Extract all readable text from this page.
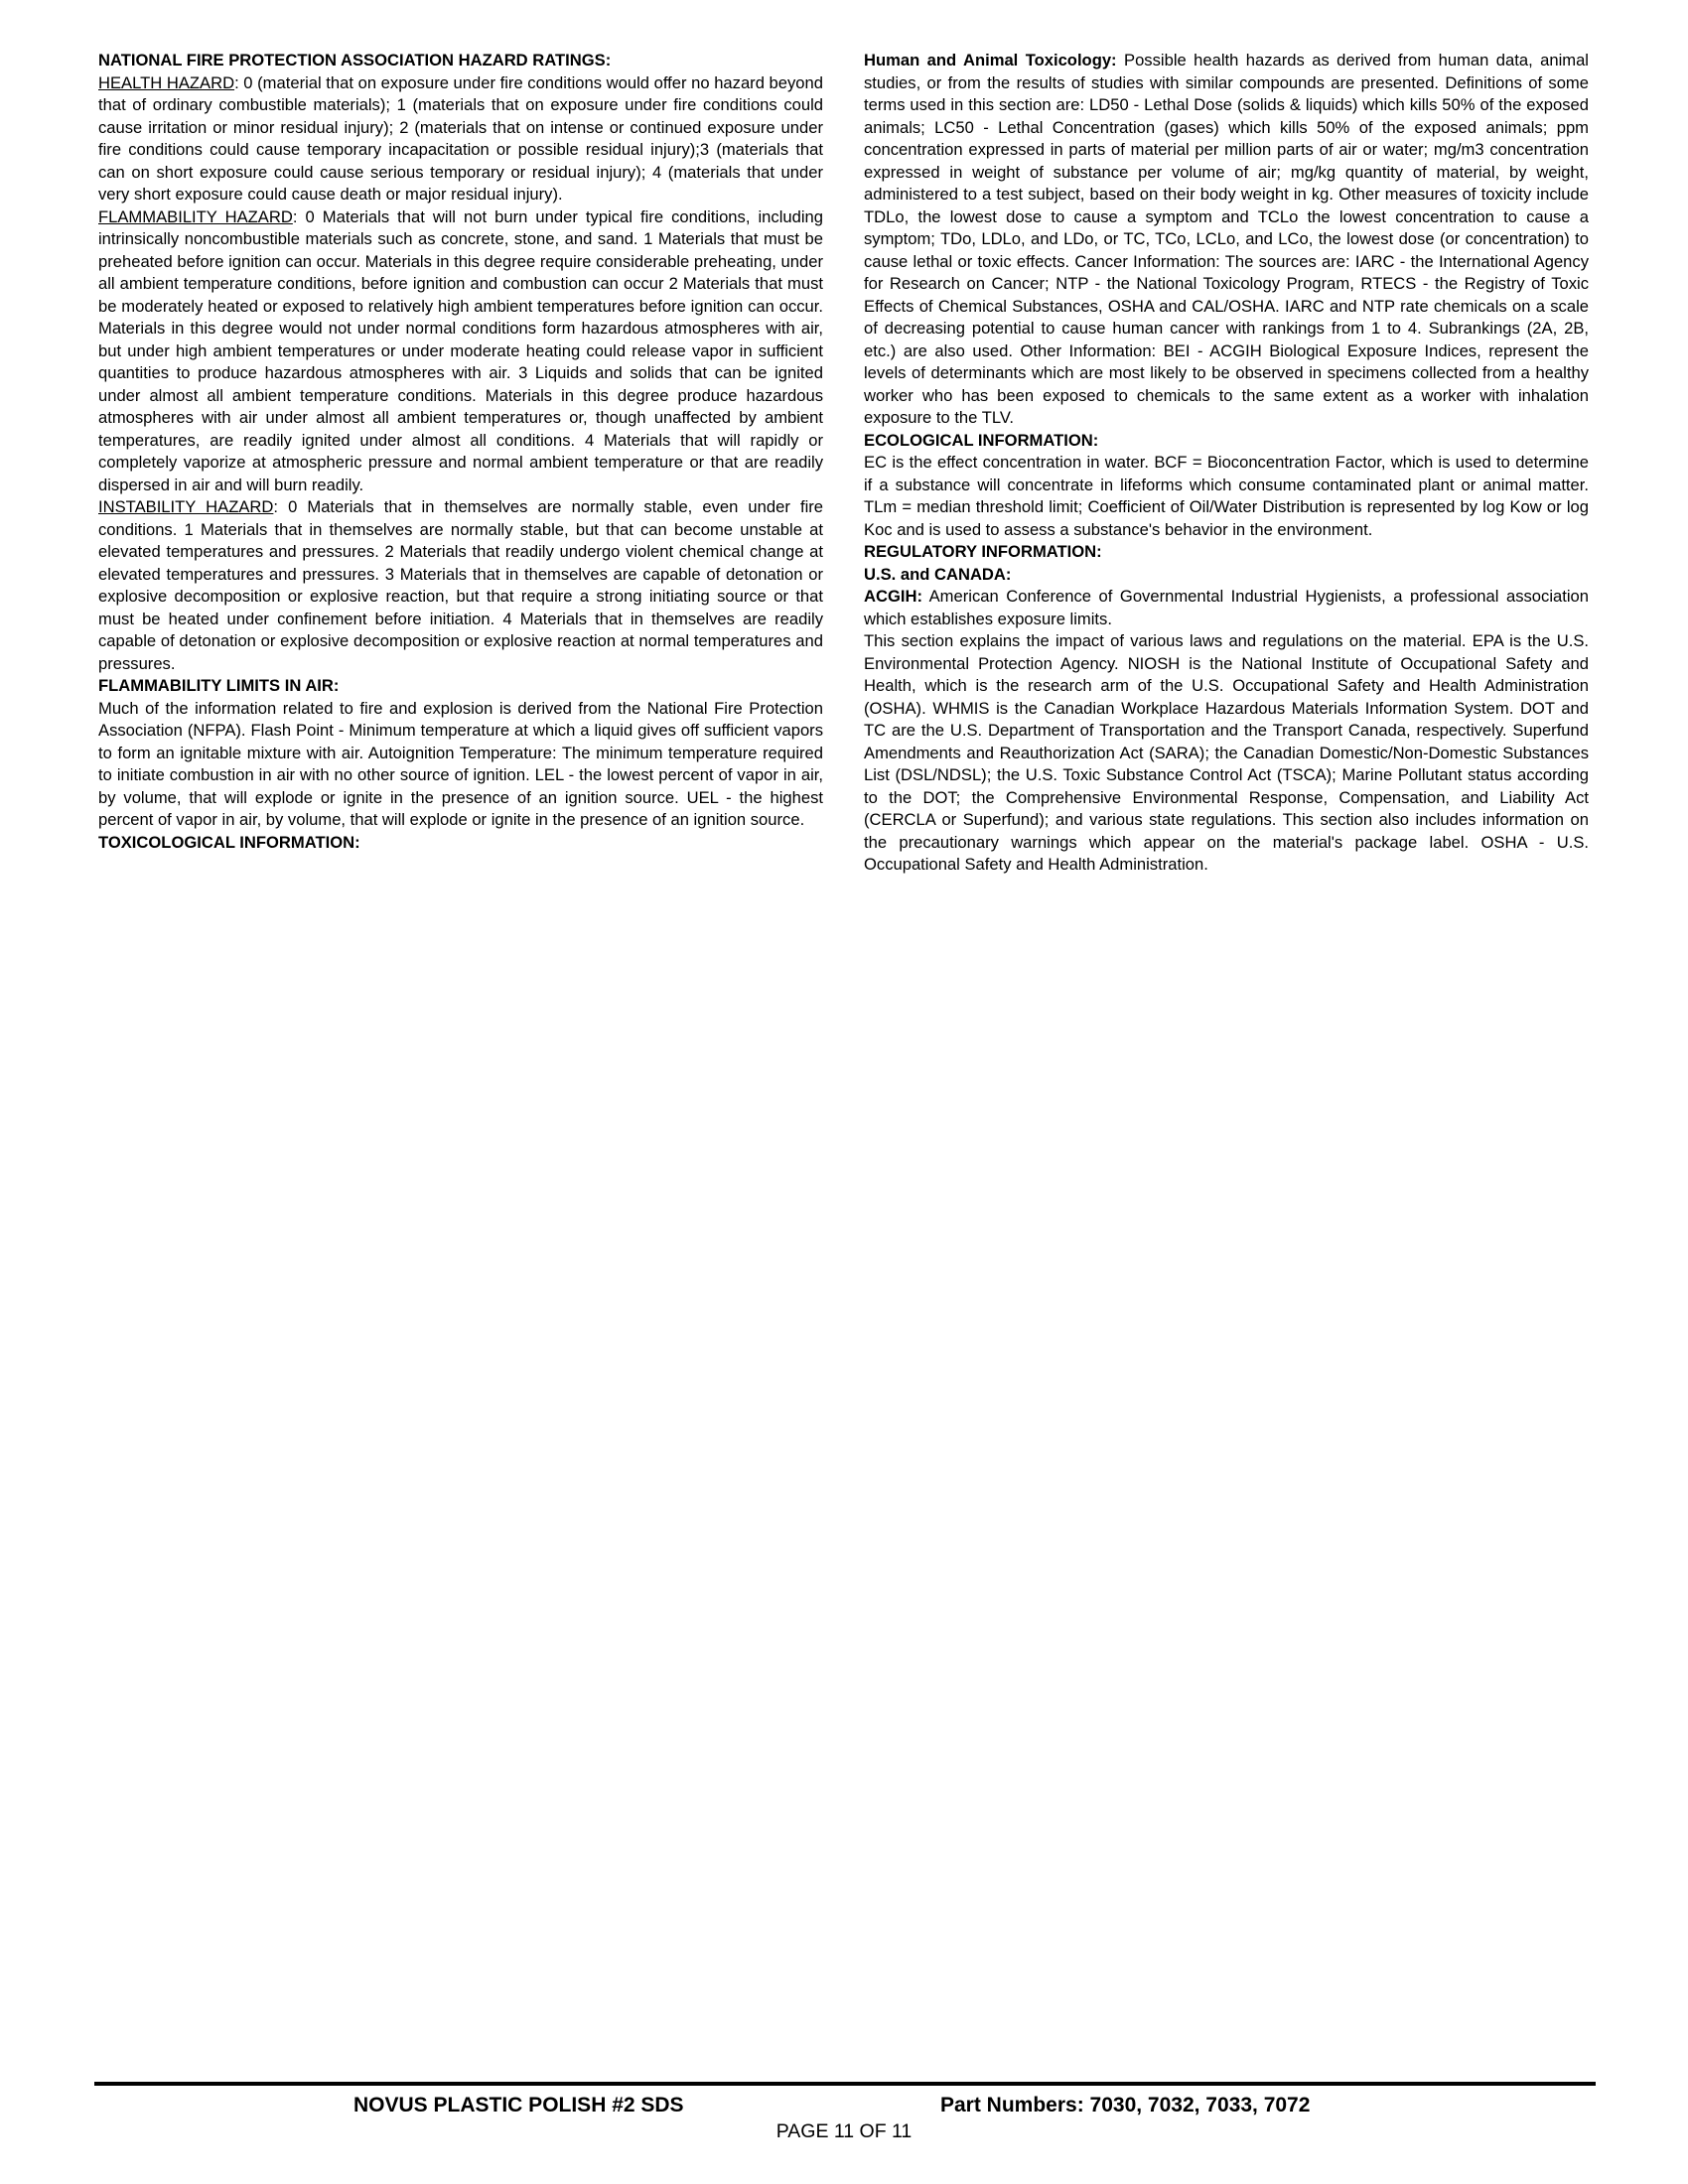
NATIONAL FIRE PROTECTION ASSOCIATION HAZARD RATINGS:

HEALTH HAZARD: 0 (material that on exposure under fire conditions would offer no hazard beyond that of ordinary combustible materials); 1 (materials that on exposure under fire conditions could cause irritation or minor residual injury); 2 (materials that on intense or continued exposure under fire conditions could cause temporary incapacitation or possible residual injury);3 (materials that can on short exposure could cause serious temporary or residual injury); 4 (materials that under very short exposure could cause death or major residual injury).

FLAMMABILITY HAZARD: 0 Materials that will not burn under typical fire conditions, including intrinsically noncombustible materials such as concrete, stone, and sand. 1 Materials that must be preheated before ignition can occur. Materials in this degree require considerable preheating, under all ambient temperature conditions, before ignition and combustion can occur 2 Materials that must be moderately heated or exposed to relatively high ambient temperatures before ignition can occur. Materials in this degree would not under normal conditions form hazardous atmospheres with air, but under high ambient temperatures or under moderate heating could release vapor in sufficient quantities to produce hazardous atmospheres with air. 3 Liquids and solids that can be ignited under almost all ambient temperature conditions. Materials in this degree produce hazardous atmospheres with air under almost all ambient temperatures or, though unaffected by ambient temperatures, are readily ignited under almost all conditions. 4 Materials that will rapidly or completely vaporize at atmospheric pressure and normal ambient temperature or that are readily dispersed in air and will burn readily.

INSTABILITY HAZARD: 0 Materials that in themselves are normally stable, even under fire conditions. 1 Materials that in themselves are normally stable, but that can become unstable at elevated temperatures and pressures. 2 Materials that readily undergo violent chemical change at elevated temperatures and pressures. 3 Materials that in themselves are capable of detonation or explosive decomposition or explosive reaction, but that require a strong initiating source or that must be heated under confinement before initiation. 4 Materials that in themselves are readily capable of detonation or explosive decomposition or explosive reaction at normal temperatures and pressures.

FLAMMABILITY LIMITS IN AIR:

Much of the information related to fire and explosion is derived from the National Fire Protection Association (NFPA). Flash Point - Minimum temperature at which a liquid gives off sufficient vapors to form an ignitable mixture with air. Autoignition Temperature: The minimum temperature required to initiate combustion in air with no other source of ignition. LEL - the lowest percent of vapor in air, by volume, that will explode or ignite in the presence of an ignition source. UEL - the highest percent of vapor in air, by volume, that will explode or ignite in the presence of an ignition source.

TOXICOLOGICAL INFORMATION:

Human and Animal Toxicology: Possible health hazards as derived from human data, animal studies, or from the results of studies with similar compounds are presented. Definitions of some terms used in this section are: LD50 - Lethal Dose (solids & liquids) which kills 50% of the exposed animals; LC50 - Lethal Concentration (gases) which kills 50% of the exposed animals; ppm concentration expressed in parts of material per million parts of air or water; mg/m3 concentration expressed in weight of substance per volume of air; mg/kg quantity of material, by weight, administered to a test subject, based on their body weight in kg. Other measures of toxicity include TDLo, the lowest dose to cause a symptom and TCLo the lowest concentration to cause a symptom; TDo, LDLo, and LDo, or TC, TCo, LCLo, and LCo, the lowest dose (or concentration) to cause lethal or toxic effects. Cancer Information: The sources are: IARC - the International Agency for Research on Cancer; NTP - the National Toxicology Program, RTECS - the Registry of Toxic Effects of Chemical Substances, OSHA and CAL/OSHA. IARC and NTP rate chemicals on a scale of decreasing potential to cause human cancer with rankings from 1 to 4. Subrankings (2A, 2B, etc.) are also used. Other Information: BEI - ACGIH Biological Exposure Indices, represent the levels of determinants which are most likely to be observed in specimens collected from a healthy worker who has been exposed to chemicals to the same extent as a worker with inhalation exposure to the TLV.

ECOLOGICAL INFORMATION:

EC is the effect concentration in water. BCF = Bioconcentration Factor, which is used to determine if a substance will concentrate in lifeforms which consume contaminated plant or animal matter. TLm = median threshold limit; Coefficient of Oil/Water Distribution is represented by log Kow or log Koc and is used to assess a substance's behavior in the environment.

REGULATORY INFORMATION:

U.S. and CANADA:

ACGIH: American Conference of Governmental Industrial Hygienists, a professional association which establishes exposure limits.

This section explains the impact of various laws and regulations on the material. EPA is the U.S. Environmental Protection Agency. NIOSH is the National Institute of Occupational Safety and Health, which is the research arm of the U.S. Occupational Safety and Health Administration (OSHA). WHMIS is the Canadian Workplace Hazardous Materials Information System. DOT and TC are the U.S. Department of Transportation and the Transport Canada, respectively. Superfund Amendments and Reauthorization Act (SARA); the Canadian Domestic/Non-Domestic Substances List (DSL/NDSL); the U.S. Toxic Substance Control Act (TSCA); Marine Pollutant status according to the DOT; the Comprehensive Environmental Response, Compensation, and Liability Act (CERCLA or Superfund); and various state regulations. This section also includes information on the precautionary warnings which appear on the material's package label. OSHA - U.S. Occupational Safety and Health Administration.

NOVUS PLASTIC POLISH #2 SDS	Part Numbers: 7030, 7032, 7033, 7072
PAGE 11 OF 11
